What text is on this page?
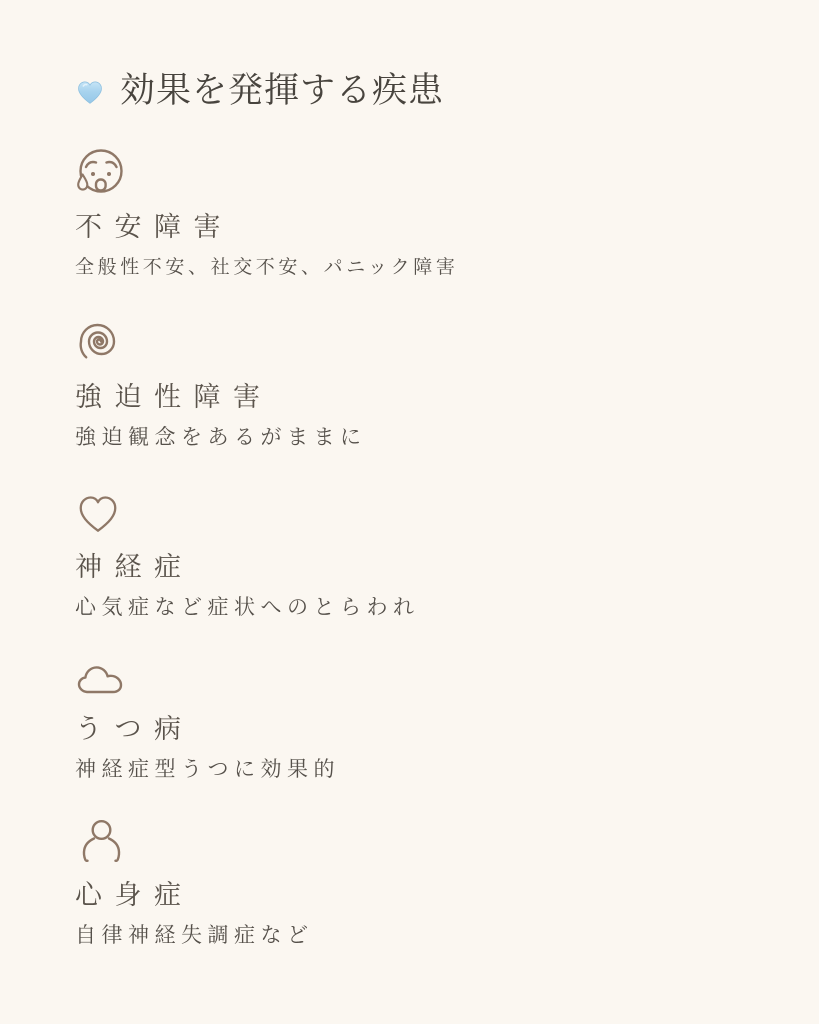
効果を発揮する疾患
不安障害

全般性不安、社交不安、パニック障害

強迫性障害

強迫観念をあるがままに

神経症

心気症など症状へのとらわれ

うつ病

神経症型うつに効果的

心身症

自律神経失調症など
